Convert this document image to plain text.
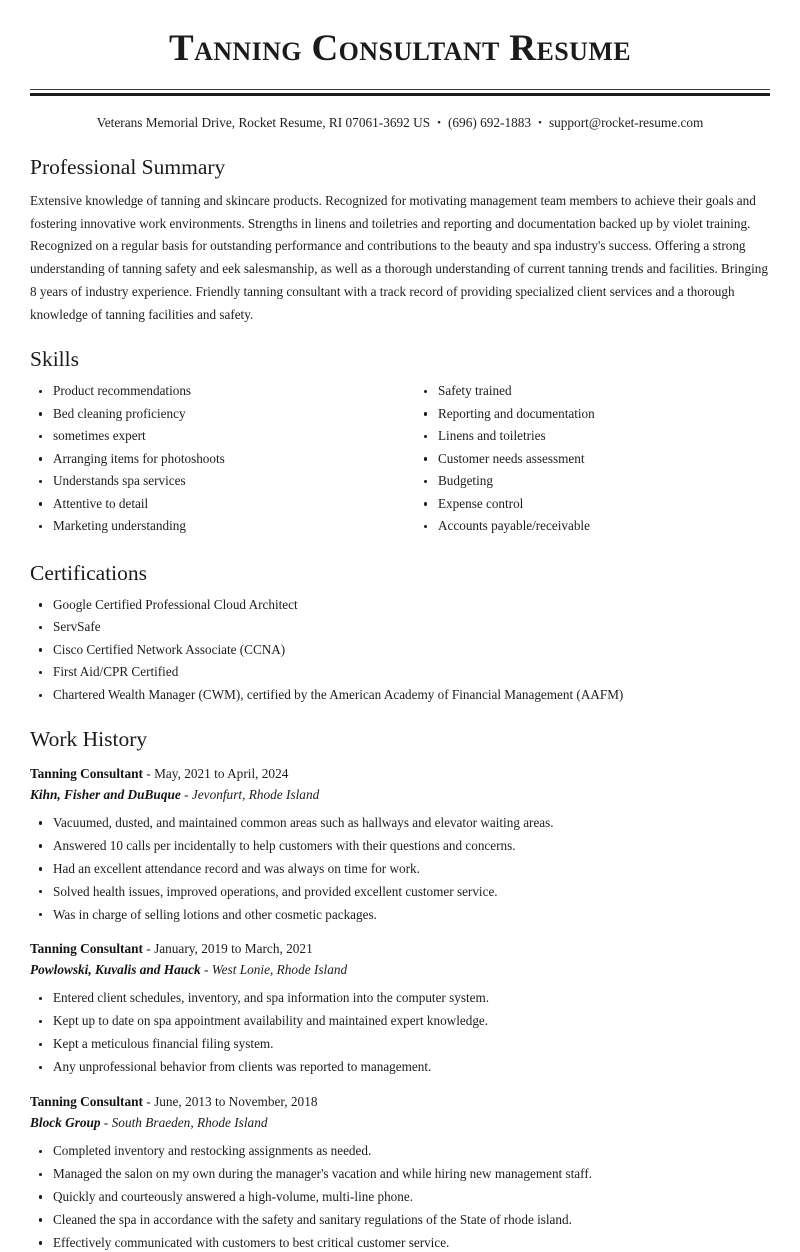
Tanning Consultant Resume
Veterans Memorial Drive, Rocket Resume, RI 07061-3692 US • (696) 692-1883 • support@rocket-resume.com
Professional Summary

Extensive knowledge of tanning and skincare products. Recognized for motivating management team members to achieve their goals and fostering innovative work environments. Strengths in linens and toiletries and reporting and documentation backed up by violet training. Recognized on a regular basis for outstanding performance and contributions to the beauty and spa industry's success. Offering a strong understanding of tanning safety and eek salesmanship, as well as a thorough understanding of current tanning trends and facilities. Bringing 8 years of industry experience. Friendly tanning consultant with a track record of providing specialized client services and a thorough knowledge of tanning facilities and safety.

Skills
Product recommendations
Bed cleaning proficiency
sometimes expert
Arranging items for photoshoots
Understands spa services
Attentive to detail
Marketing understanding
Safety trained
Reporting and documentation
Linens and toiletries
Customer needs assessment
Budgeting
Expense control
Accounts payable/receivable
Certifications
Google Certified Professional Cloud Architect
ServSafe
Cisco Certified Network Associate (CCNA)
First Aid/CPR Certified
Chartered Wealth Manager (CWM), certified by the American Academy of Financial Management (AAFM)
Work History
Tanning Consultant - May, 2021 to April, 2024
Kihn, Fisher and DuBuque - Jevonfurt, Rhode Island
Vacuumed, dusted, and maintained common areas such as hallways and elevator waiting areas.
Answered 10 calls per incidentally to help customers with their questions and concerns.
Had an excellent attendance record and was always on time for work.
Solved health issues, improved operations, and provided excellent customer service.
Was in charge of selling lotions and other cosmetic packages.
Tanning Consultant - January, 2019 to March, 2021
Powlowski, Kuvalis and Hauck - West Lonie, Rhode Island
Entered client schedules, inventory, and spa information into the computer system.
Kept up to date on spa appointment availability and maintained expert knowledge.
Kept a meticulous financial filing system.
Any unprofessional behavior from clients was reported to management.
Tanning Consultant - June, 2013 to November, 2018
Block Group - South Braeden, Rhode Island
Completed inventory and restocking assignments as needed.
Managed the salon on my own during the manager's vacation and while hiring new management staff.
Quickly and courteously answered a high-volume, multi-line phone.
Cleaned the spa in accordance with the safety and sanitary regulations of the State of rhode island.
Effectively communicated with customers to best critical customer service.
